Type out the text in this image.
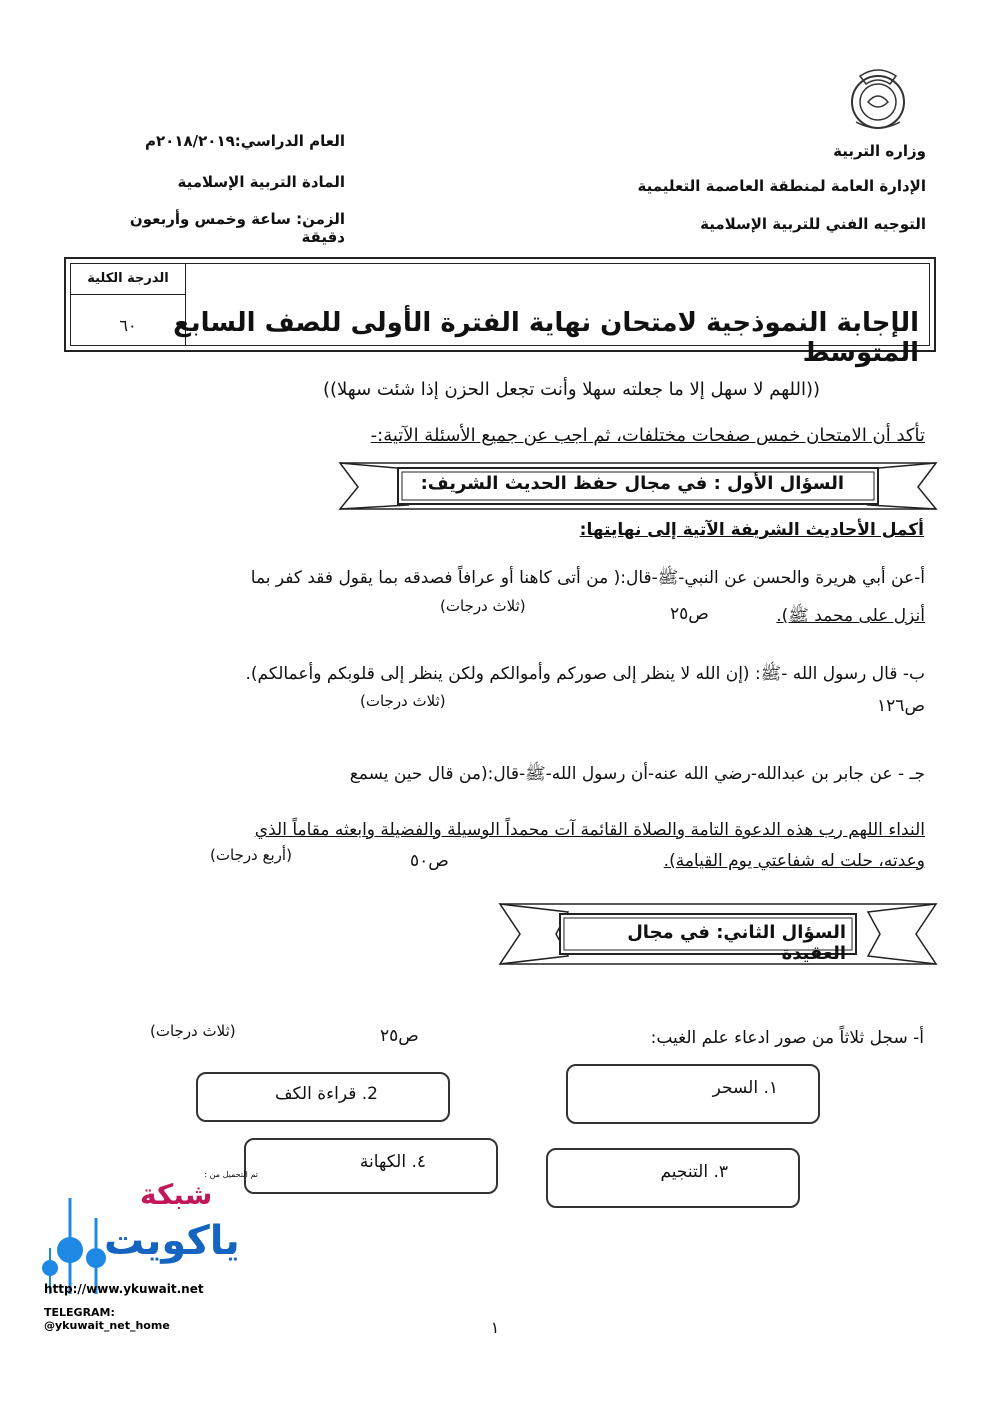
وزاره التربية
الإدارة العامة لمنطقة العاصمة التعليمية
التوجيه الفني للتربية الإسلامية
العام الدراسي:٢٠١٨/٢٠١٩م
المادة التربية الإسلامية
الزمن: ساعة وخمس وأربعون دقيقة
الدرجة الكلية
٦٠	الإجابة النموذجية لامتحان نهاية الفترة الأولى للصف السابع المتوسط
((اللهم لا سهل إلا ما جعلته سهلا وأنت تجعل الحزن إذا شئت سهلا))
تأكد أن الامتحان خمس صفحات مختلفات، ثم اجب عن جميع الأسئلة الآتية:-
السؤال الأول : في مجال حفظ الحديث الشريف:
أكمل الأحاديث الشريفة الآتية إلى نهايتها:
أ-عن أبي هريرة والحسن عن النبي-ﷺ-قال:( من أتى كاهنا أو عرافاً فصدقه بما يقول فقد كفر بما
أنزل على محمد ﷺ).
ص٢٥
(ثلاث درجات)
ب- قال رسول الله -ﷺ: (إن الله لا ينظر إلى صوركم وأموالكم ولكن ينظر إلى قلوبكم وأعمالكم).
ص١٢٦
(ثلاث درجات)
جـ - عن جابر بن عبدالله-رضي الله عنه-أن رسول الله-ﷺ-قال:(من قال حين يسمع
النداء اللهم رب هذه الدعوة التامة والصلاة القائمة آت محمداً الوسيلة والفضيلة وابعثه مقاماً الذي
وعدته، حلت له شفاعتي يوم القيامة).
ص٥٠
(أربع درجات)
السؤال الثاني: في مجال العقيدة
أ- سجل ثلاثاً من صور ادعاء علم الغيب:
ص٢٥
(ثلاث درجات)
١. السحر
2. قراءة الكف
٣. التنجيم
٤. الكهانة
تم التحميل من :
شبكة
ياكويت
http://www.ykuwait.net
TELEGRAM: @ykuwait_net_home	١
